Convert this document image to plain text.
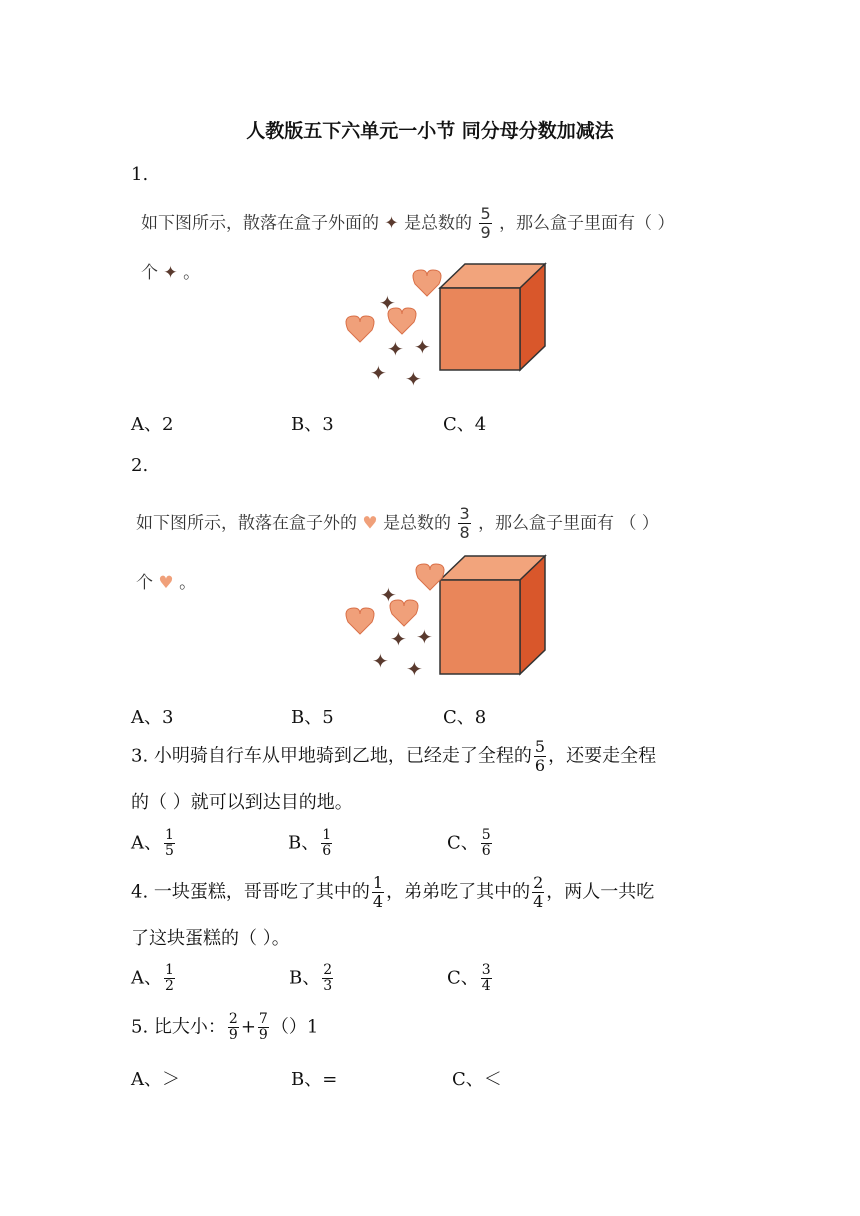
人教版五下六单元一小节 同分母分数加减法
1.
如下图所示，散落在盒子外面的 ✦ 是总数的 $\frac{5}{9}$ ，那么盒子里面有（ ）
个 ✦ 。
✦
✦ ✦
✦ ✦
A、2	B、3	C、4
2.
如下图所示，散落在盒子外的 ♥ 是总数的 $\frac{3}{8}$ ，那么盒子里面有 （ ）
个 ♥ 。	✦
✦ ✦
✦ ✦
A、3	B、5	C、8
3. 小明骑自行车从甲地骑到乙地，已经走了全程的 $\frac{5}{6}$ ，还要走全程
的（ ）就可以到达目的地。
A、 $\frac{1}{5}$	B、 $\frac{1}{6}$	C、 $\frac{5}{6}$
4. 一块蛋糕，哥哥吃了其中的 $\frac{1}{4}$ ，弟弟吃了其中的 $\frac{2}{4}$ ，两人一共吃
了这块蛋糕的（ ）。
A、 $\frac{1}{2}$	B、 $\frac{2}{3}$	C、 $\frac{3}{4}$
5. 比大小： $\frac{2}{9} + \frac{7}{9} ()1$
A、＞	B、=	C、＜
